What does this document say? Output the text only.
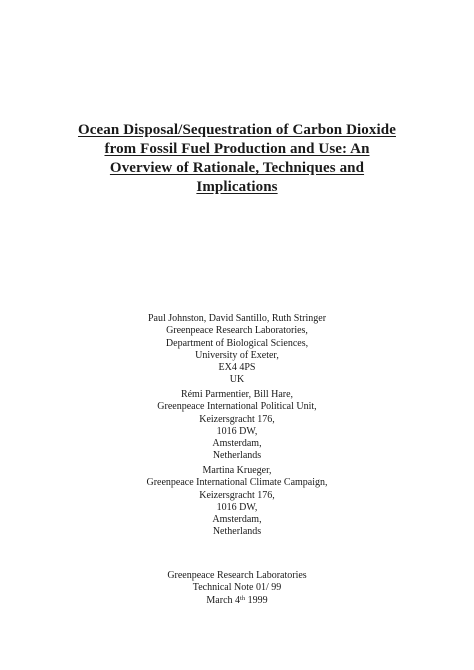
Ocean Disposal/Sequestration of Carbon Dioxide
from Fossil Fuel Production and Use: An
Overview of Rationale, Techniques and
Implications
Paul Johnston, David Santillo, Ruth Stringer
Greenpeace Research Laboratories,
Department of Biological Sciences,
University of Exeter,
EX4 4PS
UK
Rémi Parmentier, Bill Hare,
Greenpeace International Political Unit,
Keizersgracht 176,
1016 DW,
Amsterdam,
Netherlands
Martina Krueger,
Greenpeace International Climate Campaign,
Keizersgracht 176,
1016 DW,
Amsterdam,
Netherlands
Greenpeace Research Laboratories
Technical Note 01/ 99
March 4th 1999
